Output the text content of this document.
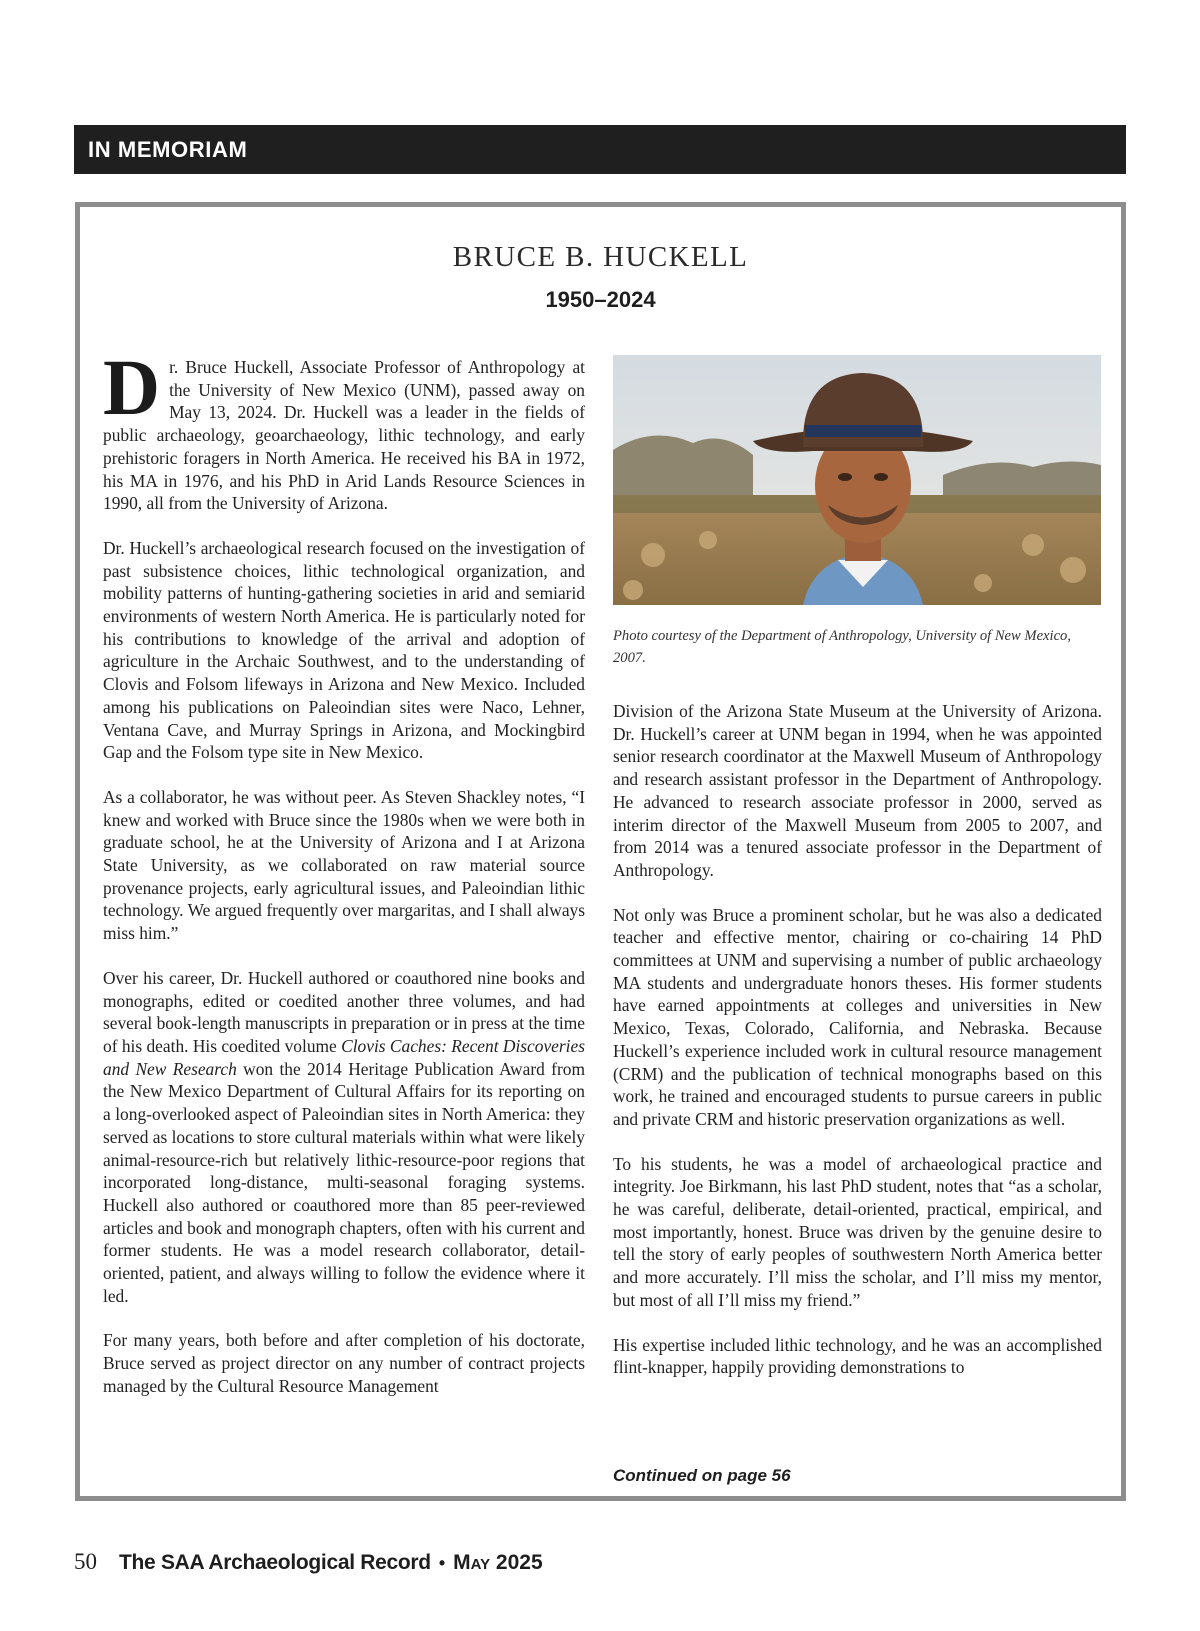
IN MEMORIAM
BRUCE B. HUCKELL
1950–2024

Dr. Bruce Huckell, Associate Professor of Anthropology at the University of New Mexico (UNM), passed away on May 13, 2024. Dr. Huckell was a leader in the fields of public archaeology, geoarchaeology, lithic technology, and early prehistoric foragers in North America. He received his BA in 1972, his MA in 1976, and his PhD in Arid Lands Resource Sciences in 1990, all from the University of Arizona.

Dr. Huckell’s archaeological research focused on the investigation of past subsistence choices, lithic technological organization, and mobility patterns of hunting-gathering societies in arid and semiarid environments of western North America. He is particularly noted for his contributions to knowledge of the arrival and adoption of agriculture in the Archaic Southwest, and to the understanding of Clovis and Folsom lifeways in Arizona and New Mexico. Included among his publications on Paleoindian sites were Naco, Lehner, Ventana Cave, and Murray Springs in Arizona, and Mockingbird Gap and the Folsom type site in New Mexico.

As a collaborator, he was without peer. As Steven Shackley notes, “I knew and worked with Bruce since the 1980s when we were both in graduate school, he at the University of Arizona and I at Arizona State University, as we collaborated on raw material source provenance projects, early agricultural issues, and Paleoindian lithic technology. We argued frequently over margaritas, and I shall always miss him.”

Over his career, Dr. Huckell authored or coauthored nine books and monographs, edited or coedited another three volumes, and had several book-length manuscripts in preparation or in press at the time of his death. His coedited volume Clovis Caches: Recent Discoveries and New Research won the 2014 Heritage Publication Award from the New Mexico Department of Cultural Affairs for its reporting on a long-overlooked aspect of Paleoindian sites in North America: they served as locations to store cultural materials within what were likely animal-resource-rich but relatively lithic-resource-poor regions that incorporated long-distance, multi-seasonal foraging systems. Huckell also authored or coauthored more than 85 peer-reviewed articles and book and monograph chapters, often with his current and former students. He was a model research collaborator, detail-oriented, patient, and always willing to follow the evidence where it led.

For many years, both before and after completion of his doctorate, Bruce served as project director on any number of contract projects managed by the Cultural Resource Management

Photo courtesy of the Department of Anthropology, University of New Mexico, 2007.

Division of the Arizona State Museum at the University of Arizona. Dr. Huckell’s career at UNM began in 1994, when he was appointed senior research coordinator at the Maxwell Museum of Anthropology and research assistant professor in the Department of Anthropology. He advanced to research associate professor in 2000, served as interim director of the Maxwell Museum from 2005 to 2007, and from 2014 was a tenured associate professor in the Department of Anthropology.

Not only was Bruce a prominent scholar, but he was also a dedicated teacher and effective mentor, chairing or co-chairing 14 PhD committees at UNM and supervising a number of public archaeology MA students and undergraduate honors theses. His former students have earned appointments at colleges and universities in New Mexico, Texas, Colorado, California, and Nebraska. Because Huckell’s experience included work in cultural resource management (CRM) and the publication of technical monographs based on this work, he trained and encouraged students to pursue careers in public and private CRM and historic preservation organizations as well.

To his students, he was a model of archaeological practice and integrity. Joe Birkmann, his last PhD student, notes that “as a scholar, he was careful, deliberate, detail-oriented, practical, empirical, and most importantly, honest. Bruce was driven by the genuine desire to tell the story of early peoples of southwestern North America better and more accurately. I’ll miss the scholar, and I’ll miss my mentor, but most of all I’ll miss my friend.”

His expertise included lithic technology, and he was an accomplished flint-knapper, happily providing demonstrations to

Continued on page 56
50 The SAA Archaeological Record • May 2025
